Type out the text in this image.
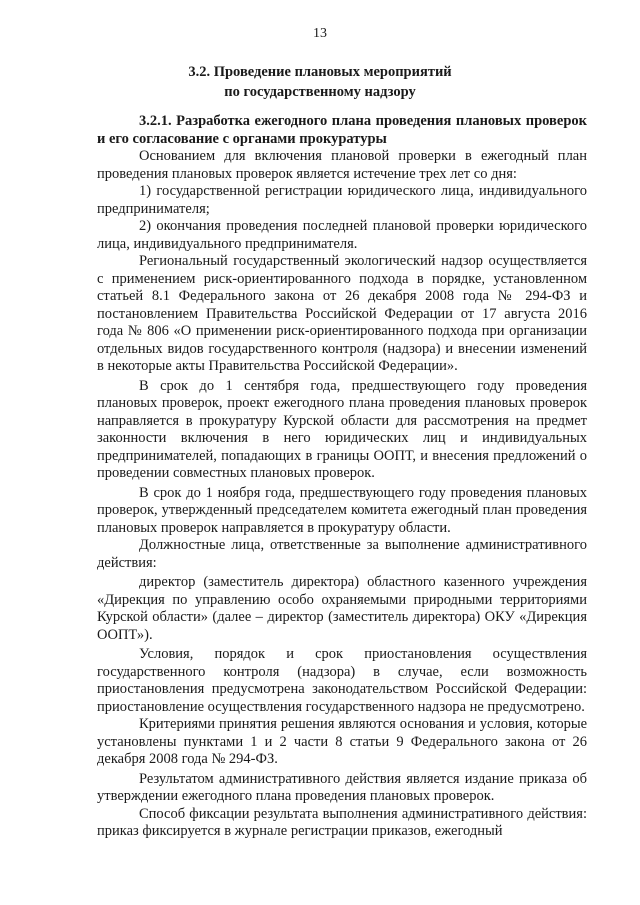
13
3.2. Проведение плановых мероприятий
по государственному надзору

3.2.1. Разработка ежегодного плана проведения плановых проверок и его согласование с органами прокуратуры

Основанием для включения плановой проверки в ежегодный план проведения плановых проверок является истечение трех лет со дня:

1) государственной регистрации юридического лица, индивидуального предпринимателя;

2) окончания проведения последней плановой проверки юридического лица, индивидуального предпринимателя.

Региональный государственный экологический надзор осуществляется с применением риск-ориентированного подхода в порядке, установленном статьей 8.1 Федерального закона от 26 декабря 2008 года № 294-ФЗ и постановлением Правительства Российской Федерации от 17 августа 2016 года № 806 «О применении риск-ориентированного подхода при организации отдельных видов государственного контроля (надзора) и внесении изменений в некоторые акты Правительства Российской Федерации».

В срок до 1 сентября года, предшествующего году проведения плановых проверок, проект ежегодного плана проведения плановых проверок направляется в прокуратуру Курской области для рассмотрения на предмет законности включения в него юридических лиц и индивидуальных предпринимателей, попадающих в границы ООПТ, и внесения предложений о проведении совместных плановых проверок.

В срок до 1 ноября года, предшествующего году проведения плановых проверок, утвержденный председателем комитета ежегодный план проведения плановых проверок направляется в прокуратуру области.

Должностные лица, ответственные за выполнение административного действия:

директор (заместитель директора) областного казенного учреждения «Дирекция по управлению особо охраняемыми природными территориями Курской области» (далее – директор (заместитель директора) ОКУ «Дирекция ООПТ»).

Условия, порядок и срок приостановления осуществления государственного контроля (надзора) в случае, если возможность приостановления предусмотрена законодательством Российской Федерации: приостановление осуществления государственного надзора не предусмотрено.

Критериями принятия решения являются основания и условия, которые установлены пунктами 1 и 2 части 8 статьи 9 Федерального закона от 26 декабря 2008 года № 294-ФЗ.

Результатом административного действия является издание приказа об утверждении ежегодного плана проведения плановых проверок.

Способ фиксации результата выполнения административного действия: приказ фиксируется в журнале регистрации приказов, ежегодный
